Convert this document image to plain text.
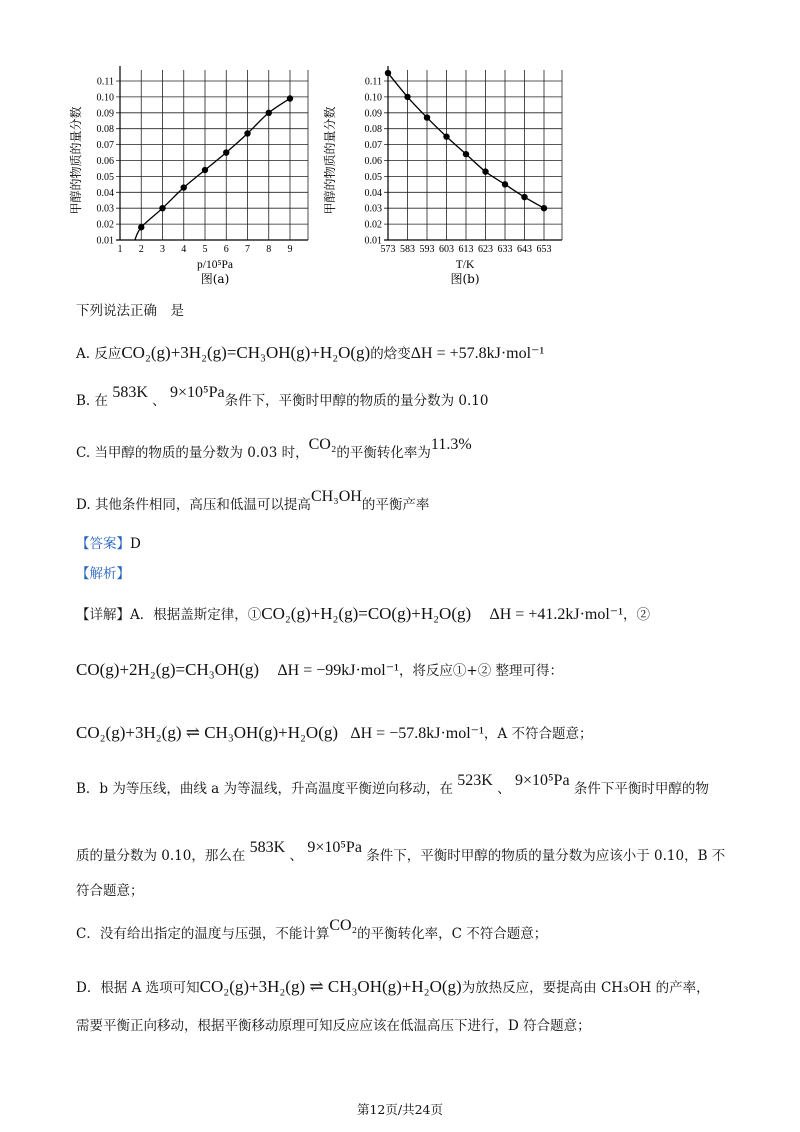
1 2 3 4 5 6 7 8 9
0.01
0.02
0.03
0.04
0.05
0.06
0.07
0.08
0.09
0.10
0.11
甲醇的物质的量分数
p/10⁵Pa
图(a)
573 583 593 603 613 623 633 643 653
0.01
0.02
0.03
0.04
0.05
0.06
0.07
0.08
0.09
0.10
0.11
甲醇的物质的量分数
T/K
图(b)
下列说法正确　是
A. 反应CO₂(g)+3H₂(g)=CH₃OH(g)+H₂O(g)的焓变ΔH = +57.8kJ·mol⁻¹
B. 在 583K 、 9×10⁵Pa条件下，平衡时甲醇的物质的量分数为 0.10
C. 当甲醇的物质的量分数为 0.03 时，CO₂的平衡转化率为11.3%
D. 其他条件相同，高压和低温可以提高CH₃OH的平衡产率
【答案】D
【解析】
【详解】A．根据盖斯定律，①CO₂(g)+H₂(g)=CO(g)+H₂O(g) ΔH = +41.2kJ·mol⁻¹，②
CO(g)+2H₂(g)=CH₃OH(g) ΔH = −99kJ·mol⁻¹，将反应①+② 整理可得：
CO₂(g)+3H₂(g) ⇌ CH₃OH(g)+H₂O(g) ΔH = −57.8kJ·mol⁻¹，A 不符合题意；
B．b 为等压线，曲线 a 为等温线，升高温度平衡逆向移动，在 523K 、 9×10⁵Pa 条件下平衡时甲醇的物
质的量分数为 0.10，那么在 583K 、 9×10⁵Pa 条件下，平衡时甲醇的物质的量分数为应该小于 0.10，B 不
符合题意；
C．没有给出指定的温度与压强，不能计算CO₂的平衡转化率，C 不符合题意；
D．根据 A 选项可知CO₂(g)+3H₂(g) ⇌ CH₃OH(g)+H₂O(g)为放热反应，要提高由 CH₃OH 的产率，
需要平衡正向移动，根据平衡移动原理可知反应应该在低温高压下进行，D 符合题意；
第12页/共24页
